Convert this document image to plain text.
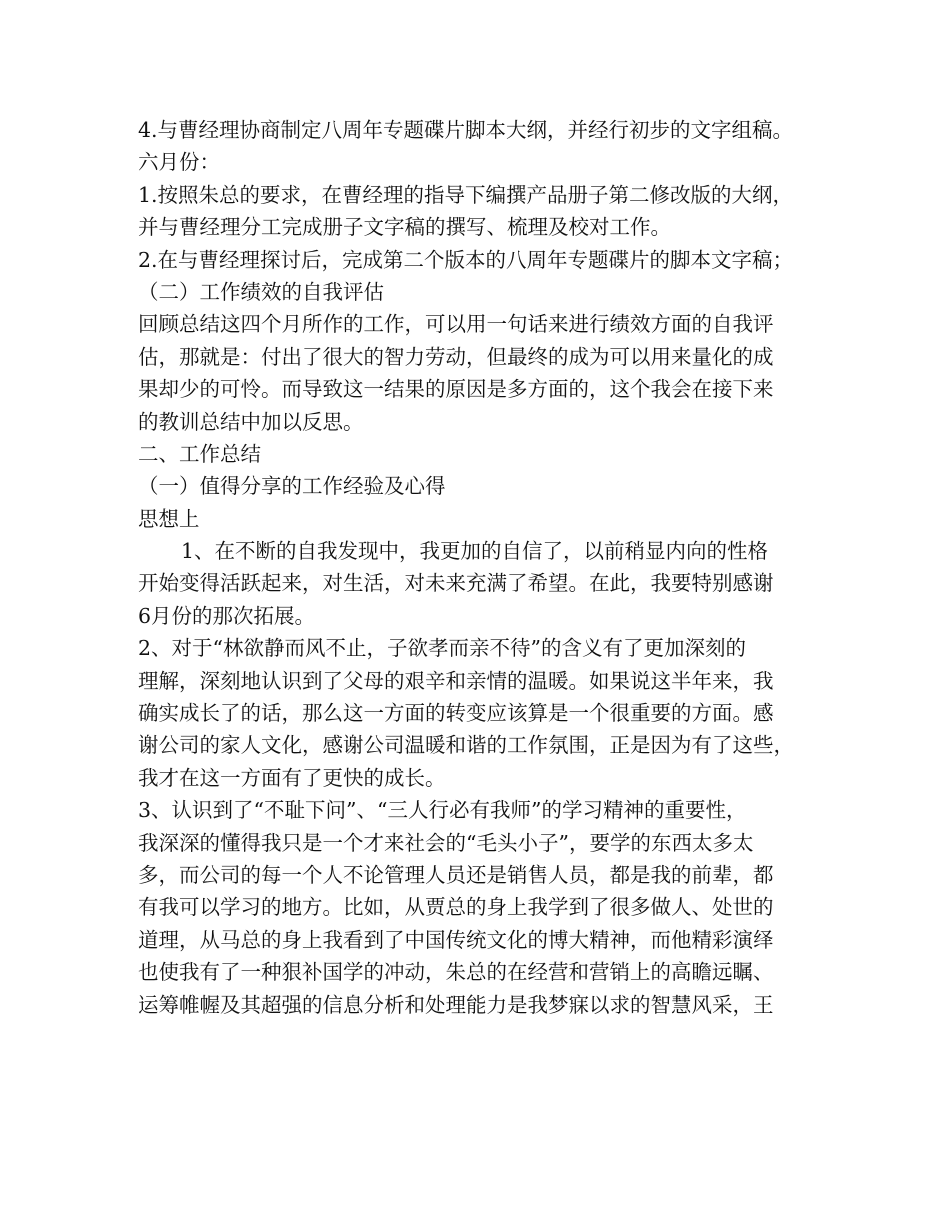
4.与曹经理协商制定八周年专题碟片脚本大纲，并经行初步的文字组稿。
六月份：
1.按照朱总的要求，在曹经理的指导下编撰产品册子第二修改版的大纲，
并与曹经理分工完成册子文字稿的撰写、梳理及校对工作。
2.在与曹经理探讨后，完成第二个版本的八周年专题碟片的脚本文字稿；
（二）工作绩效的自我评估
回顾总结这四个月所作的工作，可以用一句话来进行绩效方面的自我评
估，那就是：付出了很大的智力劳动，但最终的成为可以用来量化的成
果却少的可怜。而导致这一结果的原因是多方面的，这个我会在接下来
的教训总结中加以反思。
二、工作总结
（一）值得分享的工作经验及心得
思想上
1、在不断的自我发现中，我更加的自信了，以前稍显内向的性格
开始变得活跃起来，对生活，对未来充满了希望。在此，我要特别感谢
6月份的那次拓展。
2、对于“林欲静而风不止，子欲孝而亲不待”的含义有了更加深刻的
理解，深刻地认识到了父母的艰辛和亲情的温暖。如果说这半年来，我
确实成长了的话，那么这一方面的转变应该算是一个很重要的方面。感
谢公司的家人文化，感谢公司温暖和谐的工作氛围，正是因为有了这些，
我才在这一方面有了更快的成长。
3、认识到了“不耻下问”、“三人行必有我师”的学习精神的重要性，
我深深的懂得我只是一个才来社会的“毛头小子”，要学的东西太多太
多，而公司的每一个人不论管理人员还是销售人员，都是我的前辈，都
有我可以学习的地方。比如，从贾总的身上我学到了很多做人、处世的
道理，从马总的身上我看到了中国传统文化的博大精神，而他精彩演绎
也使我有了一种狠补国学的冲动，朱总的在经营和营销上的高瞻远瞩、
运筹帷幄及其超强的信息分析和处理能力是我梦寐以求的智慧风采，王
